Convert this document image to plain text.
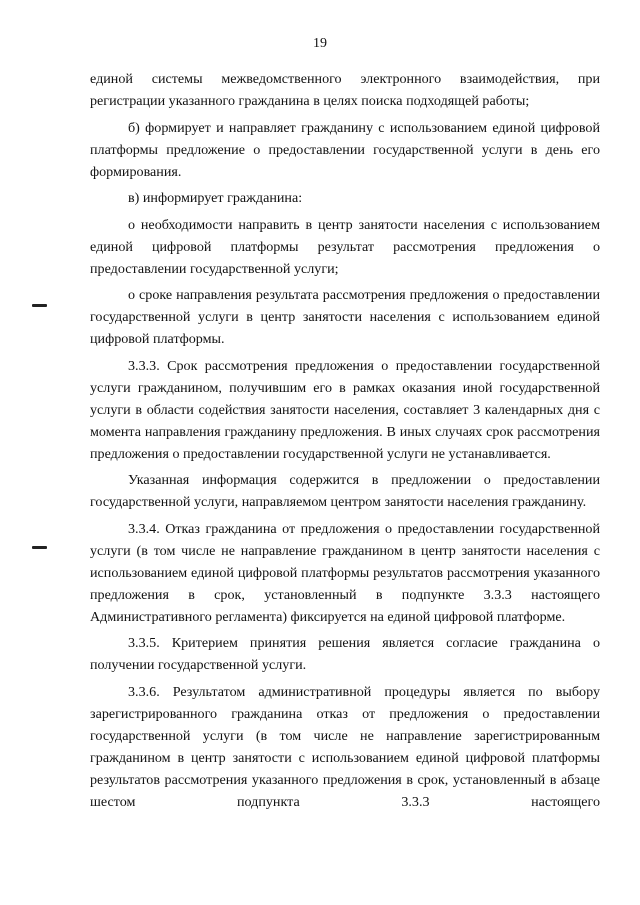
19

единой системы межведомственного электронного взаимодействия, при регистрации указанного гражданина в целях поиска подходящей работы;

б) формирует и направляет гражданину с использованием единой цифровой платформы предложение о предоставлении государственной услуги в день его формирования.

в) информирует гражданина:

о необходимости направить в центр занятости населения с использованием единой цифровой платформы результат рассмотрения предложения о предоставлении государственной услуги;

о сроке направления результата рассмотрения предложения о предоставлении государственной услуги в центр занятости населения с использованием единой цифровой платформы.

3.3.3. Срок рассмотрения предложения о предоставлении государственной услуги гражданином, получившим его в рамках оказания иной государственной услуги в области содействия занятости населения, составляет 3 календарных дня с момента направления гражданину предложения. В иных случаях срок рассмотрения предложения о предоставлении государственной услуги не устанавливается.

Указанная информация содержится в предложении о предоставлении государственной услуги, направляемом центром занятости населения гражданину.

3.3.4. Отказ гражданина от предложения о предоставлении государственной услуги (в том числе не направление гражданином в центр занятости населения с использованием единой цифровой платформы результатов рассмотрения указанного предложения в срок, установленный в подпункте 3.3.3 настоящего Административного регламента) фиксируется на единой цифровой платформе.

3.3.5. Критерием принятия решения является согласие гражданина о получении государственной услуги.

3.3.6. Результатом административной процедуры является по выбору зарегистрированного гражданина отказ от предложения о предоставлении государственной услуги (в том числе не направление зарегистрированным гражданином в центр занятости с использованием единой цифровой платформы результатов рассмотрения указанного предложения в срок, установленный в абзаце шестом подпункта 3.3.3 настоящего
